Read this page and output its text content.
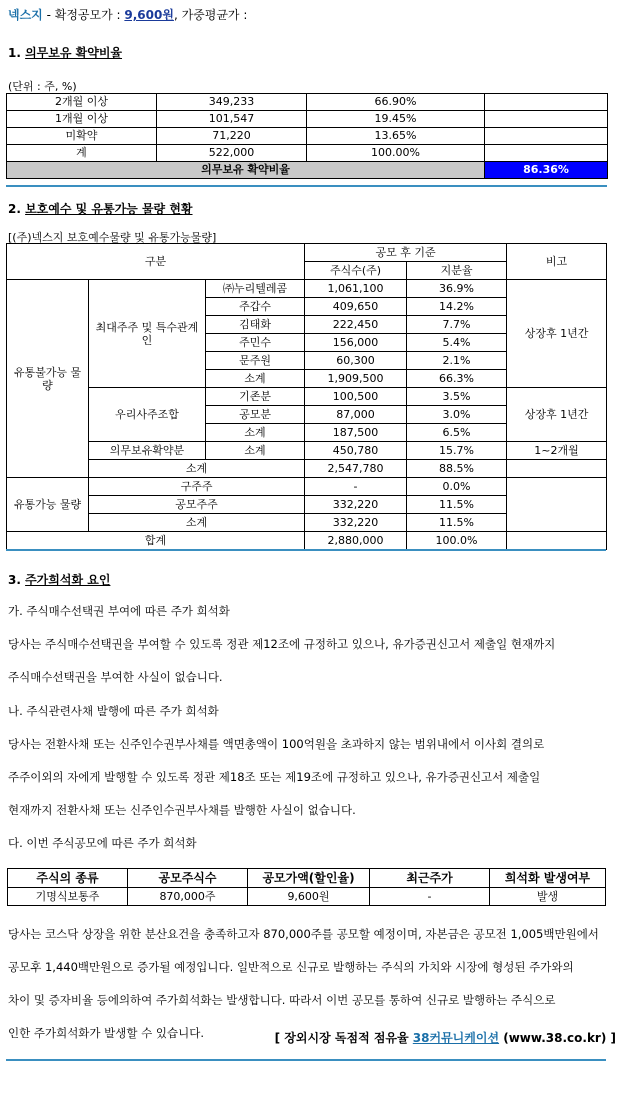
넥스지 - 확정공모가 : 9,600원, 가중평균가 :
1. 의무보유 확약비율
(단위 : 주, %)
2개월 이상	349,233	66.90%	
1개월 이상	101,547	19.45%	
미확약	71,220	13.65%	
계	522,000	100.00%	
의무보유 확약비율			86.36%
2. 보호예수 및 유통가능 물량 현황
[(주)넥스지 보호예수물량 및 유통가능물량]
구분			공모 후 기준		비고
			주식수(주)	지분율	
유통불가능 물량	최대주주 및 특수관계인	㈜누리텔레콤	1,061,100	36.9%	상장후 1년간
		주갑수	409,650	14.2%	
		김태화	222,450	7.7%	
		주민수	156,000	5.4%	
		문주원	60,300	2.1%	
		소계	1,909,500	66.3%	
	우리사주조합	기존분	100,500	3.5%	상장후 1년간
		공모분	87,000	3.0%	
		소계	187,500	6.5%	
	의무보유확약분	소계	450,780	15.7%	1~2개월
	소계		2,547,780	88.5%	
유통가능 물량	구주주		-	0.0%	
	공모주주		332,220	11.5%	
	소계		332,220	11.5%	
합계			2,880,000	100.0%	
3. 주가희석화 요인
가. 주식매수선택권 부여에 따른 주가 희석화
당사는 주식매수선택권을 부여할 수 있도록 정관 제12조에 규정하고 있으나, 유가증권신고서 제출일 현재까지
주식매수선택권을 부여한 사실이 없습니다.
나. 주식관련사채 발행에 따른 주가 희석화
당사는 전환사채 또는 신주인수권부사채를 액면총액이 100억원을 초과하지 않는 범위내에서 이사회 결의로
주주이외의 자에게 발행할 수 있도록 정관 제18조 또는 제19조에 규정하고 있으나, 유가증권신고서 제출일
현재까지 전환사채 또는 신주인수권부사채를 발행한 사실이 없습니다.
다. 이번 주식공모에 따른 주가 희석화
주식의 종류	공모주식수	공모가액(할인율)	최근주가	희석화 발생여부
기명식보통주	870,000주	9,600원	-	발생
당사는 코스닥 상장을 위한 분산요건을 충족하고자 870,000주를 공모할 예정이며, 자본금은 공모전 1,005백만원에서
공모후 1,440백만원으로 증가될 예정입니다. 일반적으로 신규로 발행하는 주식의 가치와 시장에 형성된 주가와의
차이 및 증자비율 등에의하여 주가희석화는 발생합니다. 따라서 이번 공모를 통하여 신규로 발행하는 주식으로
인한 주가희석화가 발생할 수 있습니다.	[ 장외시장 독점적 점유율 38커뮤니케이션 (www.38.co.kr) ]
